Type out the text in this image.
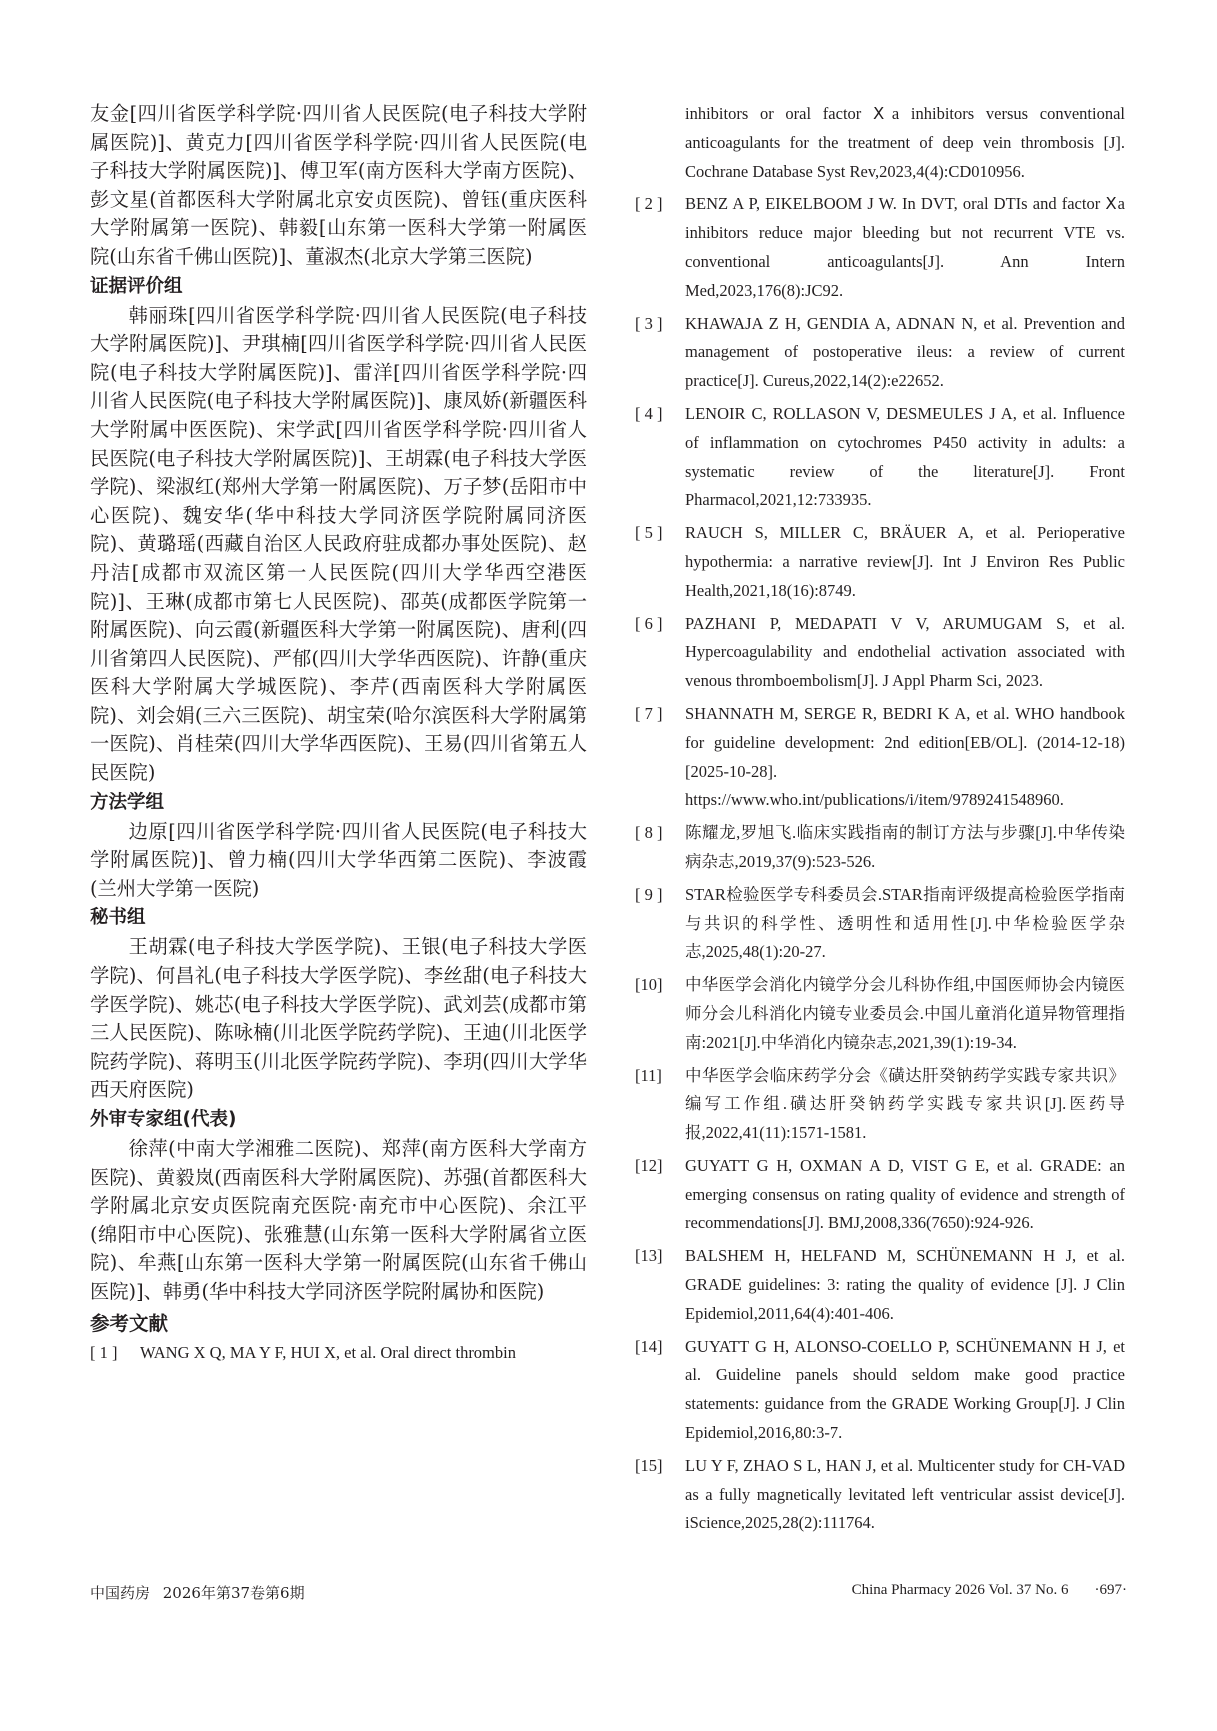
友金[四川省医学科学院·四川省人民医院(电子科技大学附属医院)]、黄克力[四川省医学科学院·四川省人民医院(电子科技大学附属医院)]、傅卫军(南方医科大学南方医院)、彭文星(首都医科大学附属北京安贞医院)、曾钰(重庆医科大学附属第一医院)、韩毅[山东第一医科大学第一附属医院(山东省千佛山医院)]、董淑杰(北京大学第三医院)

证据评价组

韩丽珠[四川省医学科学院·四川省人民医院(电子科技大学附属医院)]、尹琪楠[四川省医学科学院·四川省人民医院(电子科技大学附属医院)]、雷洋[四川省医学科学院·四川省人民医院(电子科技大学附属医院)]、康凤娇(新疆医科大学附属中医医院)、宋学武[四川省医学科学院·四川省人民医院(电子科技大学附属医院)]、王胡霖(电子科技大学医学院)、梁淑红(郑州大学第一附属医院)、万子梦(岳阳市中心医院)、魏安华(华中科技大学同济医学院附属同济医院)、黄璐瑶(西藏自治区人民政府驻成都办事处医院)、赵丹洁[成都市双流区第一人民医院(四川大学华西空港医院)]、王琳(成都市第七人民医院)、邵英(成都医学院第一附属医院)、向云霞(新疆医科大学第一附属医院)、唐利(四川省第四人民医院)、严郁(四川大学华西医院)、许静(重庆医科大学附属大学城医院)、李芹(西南医科大学附属医院)、刘会娟(三六三医院)、胡宝荣(哈尔滨医科大学附属第一医院)、肖桂荣(四川大学华西医院)、王易(四川省第五人民医院)

方法学组

边原[四川省医学科学院·四川省人民医院(电子科技大学附属医院)]、曾力楠(四川大学华西第二医院)、李波霞(兰州大学第一医院)

秘书组

王胡霖(电子科技大学医学院)、王银(电子科技大学医学院)、何昌礼(电子科技大学医学院)、李丝甜(电子科技大学医学院)、姚芯(电子科技大学医学院)、武刘芸(成都市第三人民医院)、陈咏楠(川北医学院药学院)、王迪(川北医学院药学院)、蒋明玉(川北医学院药学院)、李玥(四川大学华西天府医院)

外审专家组(代表)

徐萍(中南大学湘雅二医院)、郑萍(南方医科大学南方医院)、黄毅岚(西南医科大学附属医院)、苏强(首都医科大学附属北京安贞医院南充医院·南充市中心医院)、余江平(绵阳市中心医院)、张雅慧(山东第一医科大学附属省立医院)、牟燕[山东第一医科大学第一附属医院(山东省千佛山医院)]、韩勇(华中科技大学同济医学院附属协和医院)

参考文献

[ 1 ]	WANG X Q, MA Y F, HUI X, et al. Oral direct thrombin
inhibitors or oral factor Ⅹa inhibitors versus conventional anticoagulants for the treatment of deep vein thrombosis [J]. Cochrane Database Syst Rev,2023,4(4):CD010956.
[ 2 ]	BENZ A P, EIKELBOOM J W. In DVT, oral DTIs and factor Ⅹa inhibitors reduce major bleeding but not recurrent VTE vs. conventional anticoagulants[J]. Ann Intern Med,2023,176(8):JC92.
[ 3 ]	KHAWAJA Z H, GENDIA A, ADNAN N, et al. Prevention and management of postoperative ileus: a review of current practice[J]. Cureus,2022,14(2):e22652.
[ 4 ]	LENOIR C, ROLLASON V, DESMEULES J A, et al. Influence of inflammation on cytochromes P450 activity in adults: a systematic review of the literature[J]. Front Pharmacol,2021,12:733935.
[ 5 ]	RAUCH S, MILLER C, BRÄUER A, et al. Perioperative hypothermia: a narrative review[J]. Int J Environ Res Public Health,2021,18(16):8749.
[ 6 ]	PAZHANI P, MEDAPATI V V, ARUMUGAM S, et al. Hypercoagulability and endothelial activation associated with venous thromboembolism[J]. J Appl Pharm Sci, 2023.
[ 7 ]	SHANNATH M, SERGE R, BEDRI K A, et al. WHO handbook for guideline development: 2nd edition[EB/OL]. (2014-12-18)[2025-10-28]. https://www.who.int/publications/i/item/9789241548960.
[ 8 ]	陈耀龙,罗旭飞.临床实践指南的制订方法与步骤[J].中华传染病杂志,2019,37(9):523-526.
[ 9 ]	STAR检验医学专科委员会.STAR指南评级提高检验医学指南与共识的科学性、透明性和适用性[J].中华检验医学杂志,2025,48(1):20-27.
[10]	中华医学会消化内镜学分会儿科协作组,中国医师协会内镜医师分会儿科消化内镜专业委员会.中国儿童消化道异物管理指南:2021[J].中华消化内镜杂志,2021,39(1):19-34.
[11]	中华医学会临床药学分会《磺达肝癸钠药学实践专家共识》编写工作组.磺达肝癸钠药学实践专家共识[J].医药导报,2022,41(11):1571-1581.
[12]	GUYATT G H, OXMAN A D, VIST G E, et al. GRADE: an emerging consensus on rating quality of evidence and strength of recommendations[J]. BMJ,2008,336(7650):924-926.
[13]	BALSHEM H, HELFAND M, SCHÜNEMANN H J, et al. GRADE guidelines: 3: rating the quality of evidence [J]. J Clin Epidemiol,2011,64(4):401-406.
[14]	GUYATT G H, ALONSO-COELLO P, SCHÜNEMANN H J, et al. Guideline panels should seldom make good practice statements: guidance from the GRADE Working Group[J]. J Clin Epidemiol,2016,80:3-7.
[15]	LU Y F, ZHAO S L, HAN J, et al. Multicenter study for CH-VAD as a fully magnetically levitated left ventricular assist device[J]. iScience,2025,28(2):111764.
中国药房 2026年第37卷第6期	China Pharmacy 2026 Vol. 37 No. 6 ·697·
